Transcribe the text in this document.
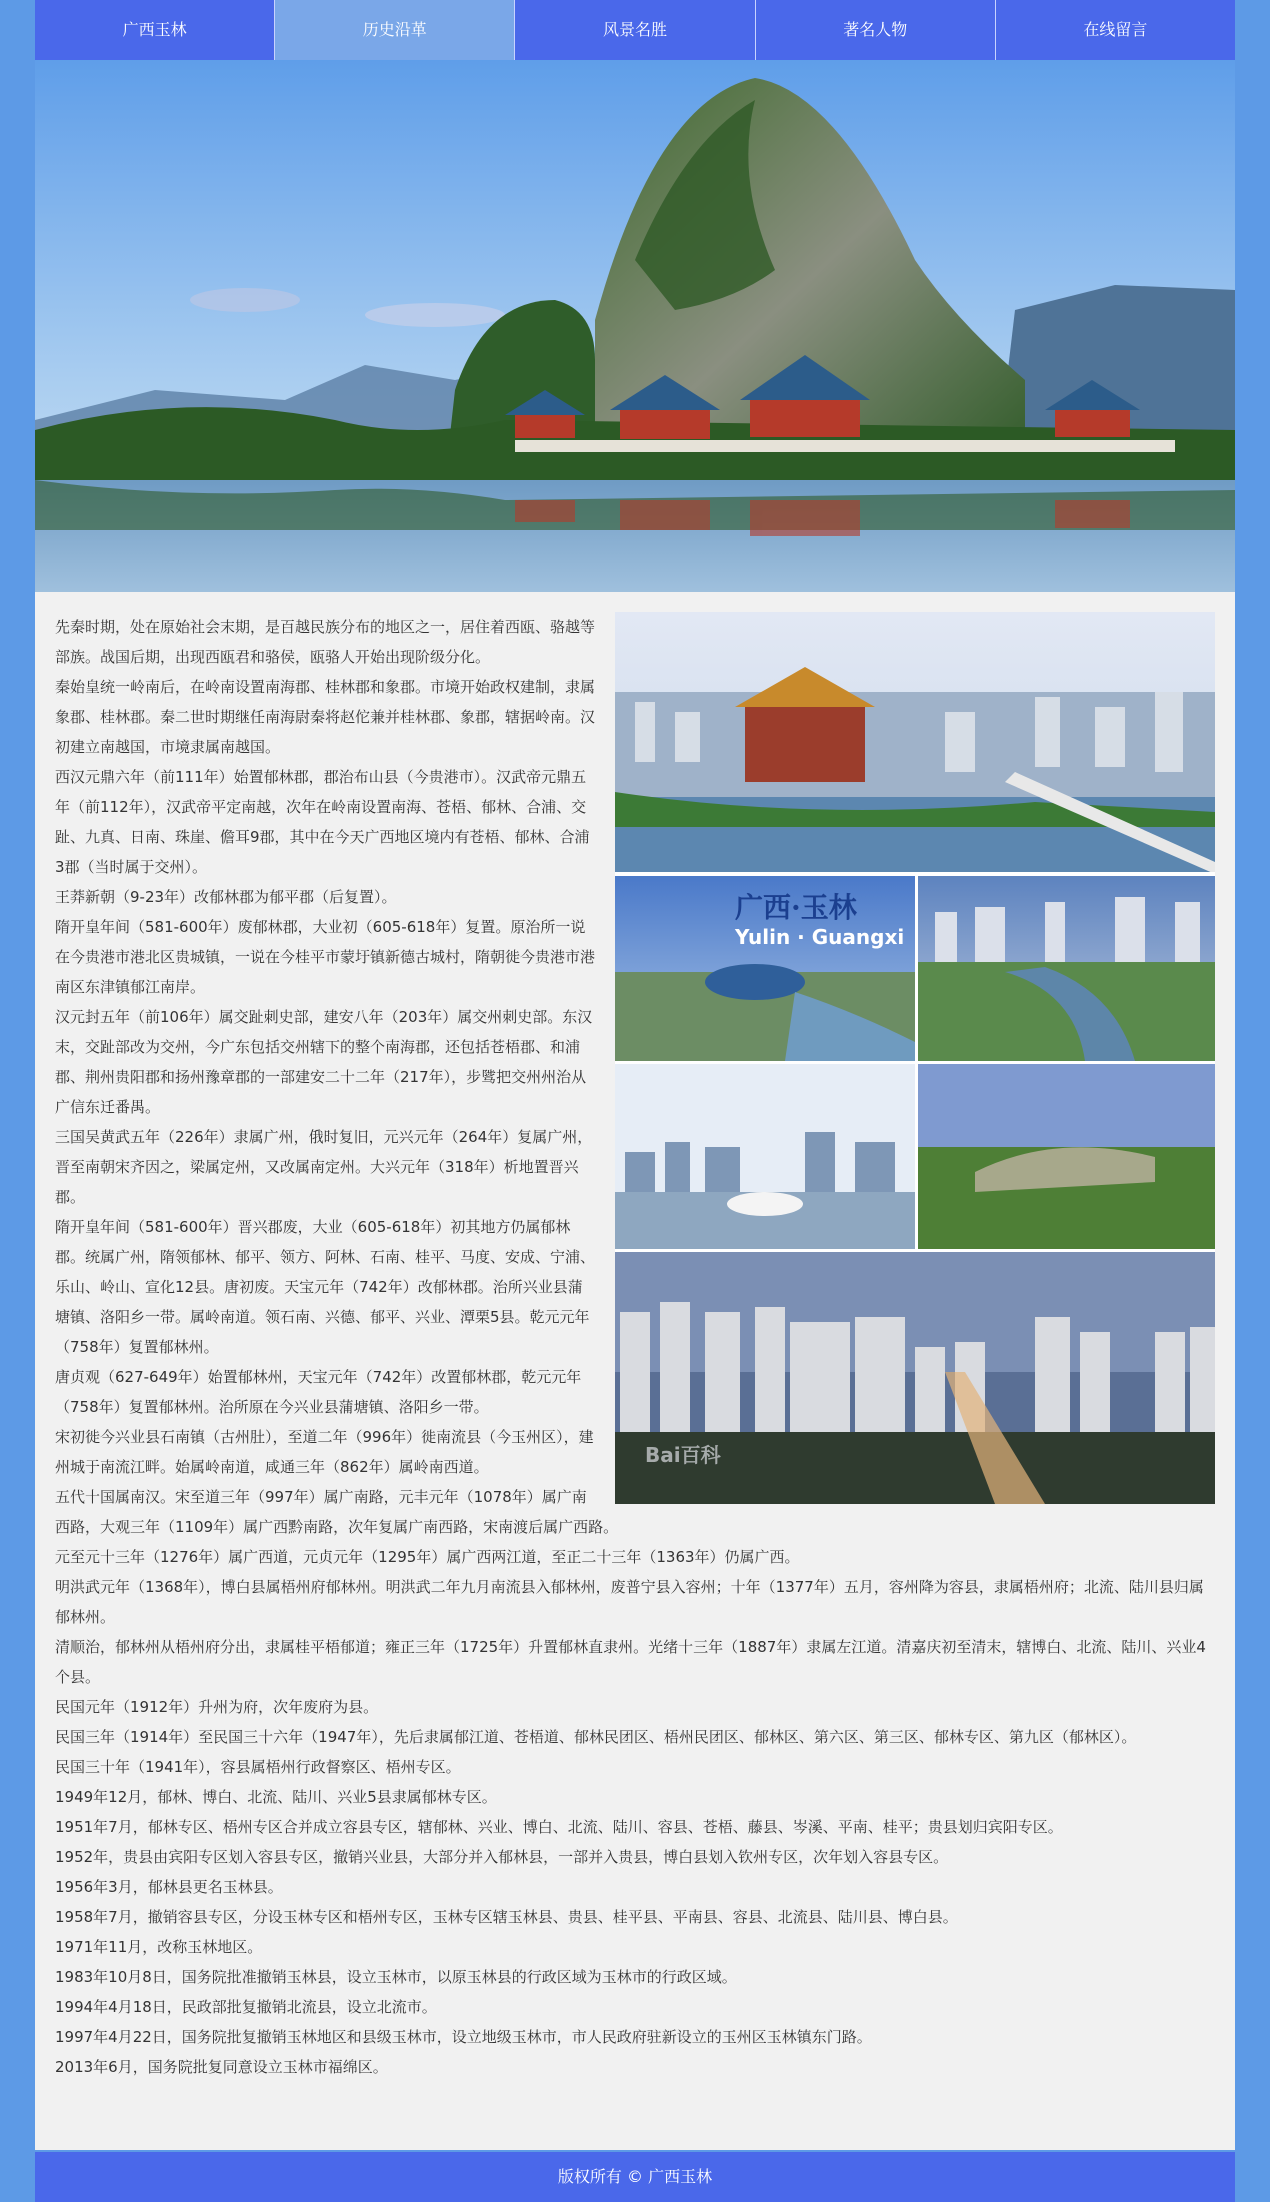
广西玉林	历史沿革	风景名胜	著名人物	在线留言

先秦时期，处在原始社会末期，是百越民族分布的地区之一，居住着西瓯、骆越等部族。战国后期，出现西瓯君和骆侯，瓯骆人开始出现阶级分化。

秦始皇统一岭南后，在岭南设置南海郡、桂林郡和象郡。市境开始政权建制，隶属象郡、桂林郡。秦二世时期继任南海尉秦将赵佗兼并桂林郡、象郡，辖据岭南。汉初建立南越国，市境隶属南越国。

西汉元鼎六年（前111年）始置郁林郡，郡治布山县（今贵港市）。汉武帝元鼎五年（前112年），汉武帝平定南越，次年在岭南设置南海、苍梧、郁林、合浦、交趾、九真、日南、珠崖、儋耳9郡，其中在今天广西地区境内有苍梧、郁林、合浦3郡（当时属于交州）。

王莽新朝（9-23年）改郁林郡为郁平郡（后复置）。

隋开皇年间（581-600年）废郁林郡，大业初（605-618年）复置。原治所一说在今贵港市港北区贵城镇，一说在今桂平市蒙圩镇新德古城村，隋朝徙今贵港市港南区东津镇郁江南岸。

汉元封五年（前106年）属交趾刺史部，建安八年（203年）属交州刺史部。东汉末，交趾部改为交州，今广东包括交州辖下的整个南海郡，还包括苍梧郡、和浦郡、荆州贵阳郡和扬州豫章郡的一部建安二十二年（217年），步骘把交州州治从广信东迁番禺。

三国吴黄武五年（226年）隶属广州，俄时复旧，元兴元年（264年）复属广州，晋至南朝宋齐因之，梁属定州，又改属南定州。大兴元年（318年）析地置晋兴郡。

隋开皇年间（581-600年）晋兴郡废，大业（605-618年）初其地方仍属郁林郡。统属广州，隋领郁林、郁平、领方、阿林、石南、桂平、马度、安成、宁浦、乐山、岭山、宣化12县。唐初废。天宝元年（742年）改郁林郡。治所兴业县蒲塘镇、洛阳乡一带。属岭南道。领石南、兴德、郁平、兴业、潭栗5县。乾元元年（758年）复置郁林州。

唐贞观（627-649年）始置郁林州，天宝元年（742年）改置郁林郡，乾元元年（758年）复置郁林州。治所原在今兴业县蒲塘镇、洛阳乡一带。

宋初徙今兴业县石南镇（古州肚），至道二年（996年）徙南流县（今玉州区），建州城于南流江畔。始属岭南道，咸通三年（862年）属岭南西道。

五代十国属南汉。宋至道三年（997年）属广南路，元丰元年（1078年）属广南西路，大观三年（1109年）属广西黔南路，次年复属广南西路，宋南渡后属广西路。

元至元十三年（1276年）属广西道，元贞元年（1295年）属广西两江道，至正二十三年（1363年）仍属广西。

明洪武元年（1368年），博白县属梧州府郁林州。明洪武二年九月南流县入郁林州，废普宁县入容州；十年（1377年）五月，容州降为容县，隶属梧州府；北流、陆川县归属郁林州。

清顺治，郁林州从梧州府分出，隶属桂平梧郁道；雍正三年（1725年）升置郁林直隶州。光绪十三年（1887年）隶属左江道。清嘉庆初至清末，辖博白、北流、陆川、兴业4个县。

民国元年（1912年）升州为府，次年废府为县。

民国三年（1914年）至民国三十六年（1947年），先后隶属郁江道、苍梧道、郁林民团区、梧州民团区、郁林区、第六区、第三区、郁林专区、第九区（郁林区）。

民国三十年（1941年），容县属梧州行政督察区、梧州专区。

1949年12月，郁林、博白、北流、陆川、兴业5县隶属郁林专区。

1951年7月，郁林专区、梧州专区合并成立容县专区，辖郁林、兴业、博白、北流、陆川、容县、苍梧、藤县、岑溪、平南、桂平；贵县划归宾阳专区。

1952年，贵县由宾阳专区划入容县专区，撤销兴业县，大部分并入郁林县，一部并入贵县，博白县划入钦州专区，次年划入容县专区。

1956年3月，郁林县更名玉林县。

1958年7月，撤销容县专区，分设玉林专区和梧州专区，玉林专区辖玉林县、贵县、桂平县、平南县、容县、北流县、陆川县、博白县。

1971年11月，改称玉林地区。

1983年10月8日，国务院批准撤销玉林县，设立玉林市，以原玉林县的行政区域为玉林市的行政区域。

1994年4月18日，民政部批复撤销北流县，设立北流市。

1997年4月22日，国务院批复撤销玉林地区和县级玉林市，设立地级玉林市，市人民政府驻新设立的玉州区玉林镇东门路。

2013年6月，国务院批复同意设立玉林市福绵区。

广西·玉林
Yulin · Guangxi
Bai百科
版权所有 © 广西玉林
